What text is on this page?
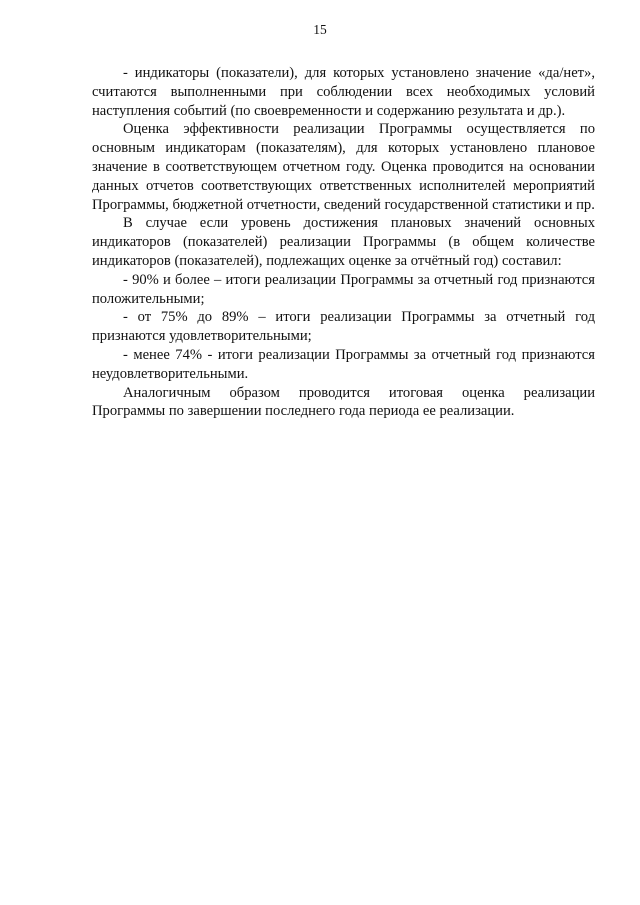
15

- индикаторы (показатели), для которых установлено значение «да/нет», считаются выполненными при соблюдении всех необходимых условий наступления событий (по своевременности и содержанию результата и др.).

Оценка эффективности реализации Программы осуществляется по основным индикаторам (показателям), для которых установлено плановое значение в соответствующем отчетном году. Оценка проводится на основании данных отчетов соответствующих ответственных исполнителей мероприятий Программы, бюджетной отчетности, сведений государственной статистики и пр.

В случае если уровень достижения плановых значений основных индикаторов (показателей) реализации Программы (в общем количестве индикаторов (показателей), подлежащих оценке за отчётный год) составил:

- 90% и более – итоги реализации Программы за отчетный год признаются положительными;

- от 75% до 89% – итоги реализации Программы за отчетный год признаются удовлетворительными;

- менее 74% - итоги реализации Программы за отчетный год признаются неудовлетворительными.

Аналогичным образом проводится итоговая оценка реализации Программы по завершении последнего года периода ее реализации.
